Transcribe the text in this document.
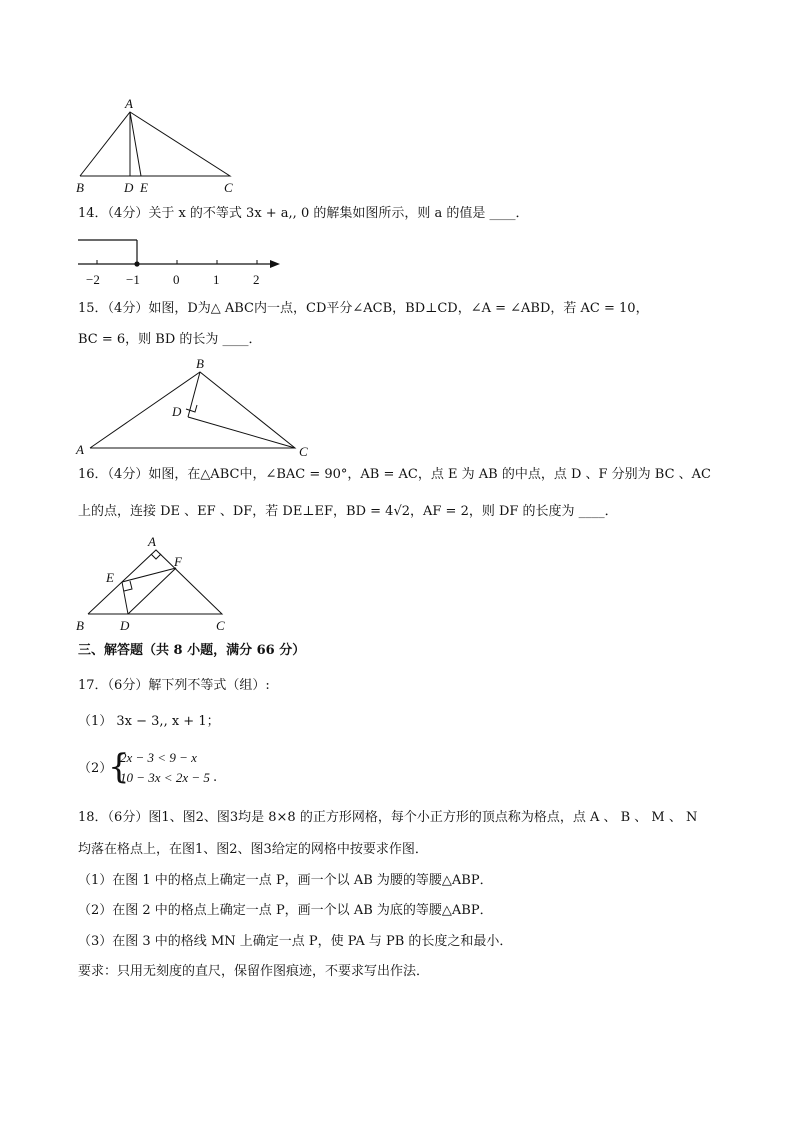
A
B	D E	C
14．（4分）关于 x 的不等式 3x + a,, 0 的解集如图所示，则 a 的值是 ____．
−2 −1	0	1	2
15．（4分）如图，D为△ ABC内一点，CD平分∠ACB，BD⊥CD，∠A = ∠ABD，若 AC = 10，
BC = 6，则 BD 的长为 ____．
B
D
A	C
16．（4分）如图，在△ABC中，∠BAC = 90°，AB = AC，点 E 为 AB 的中点，点 D 、F 分别为 BC 、AC
上的点，连接 DE 、EF 、DF，若 DE⊥EF，BD = 4√2，AF = 2，则 DF 的长度为 ____．
A
F
E
B	D	C
三、解答题（共 8 小题，满分 66 分）
17．（6分）解下列不等式（组）:
（1） 3x − 3,, x + 1；
（2）
{
2x − 3 < 9 − x
10 − 3x < 2x − 5 .
18．（6分）图1、图2、图3均是 8×8 的正方形网格，每个小正方形的顶点称为格点，点 A 、 B 、 M 、 N
均落在格点上，在图1、图2、图3给定的网格中按要求作图．
（1）在图 1 中的格点上确定一点 P，画一个以 AB 为腰的等腰△ABP．
（2）在图 2 中的格点上确定一点 P，画一个以 AB 为底的等腰△ABP．
（3）在图 3 中的格线 MN 上确定一点 P，使 PA 与 PB 的长度之和最小．
要求：只用无刻度的直尺，保留作图痕迹，不要求写出作法．
